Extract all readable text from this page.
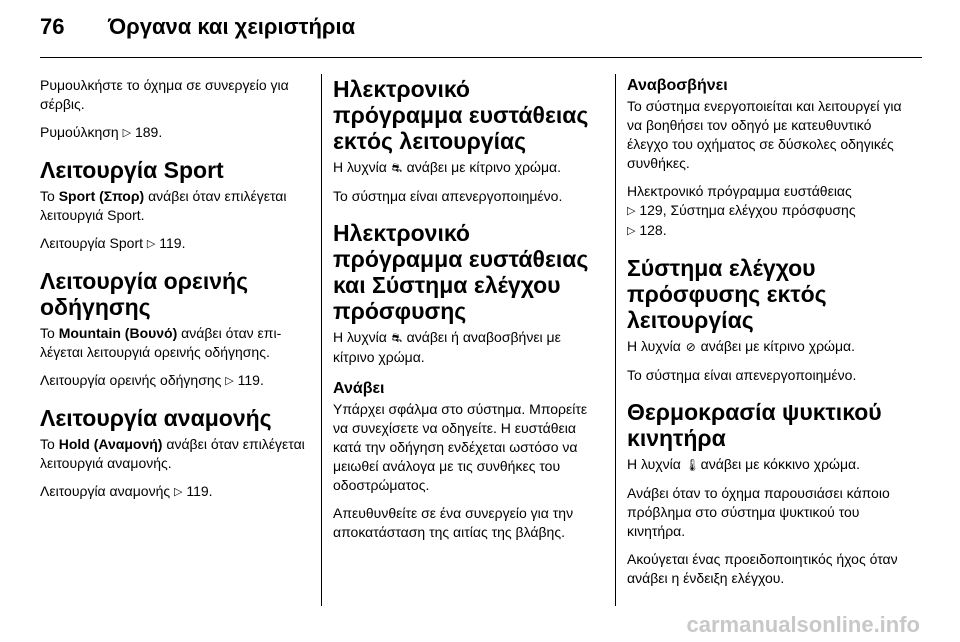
76 Όργανα και χειριστήρια

Ρυμουλκήστε το όχημα σε συνεργείο για σέρβις.

Ρυμούλκηση ▷ 189.

Λειτουργία Sport

Το Sport (Σπορ) ανάβει όταν επιλέγεται λειτουργιά Sport.

Λειτουργία Sport ▷ 119.

Λειτουργία ορεινής οδήγησης

Το Mountain (Βουνό) ανάβει όταν επιλέγεται λειτουργιά ορεινής οδήγησης.

Λειτουργία ορεινής οδήγησης ▷ 119.

Λειτουργία αναμονής

Το Hold (Αναμονή) ανάβει όταν επιλέγεται λειτουργιά αναμονής.

Λειτουργία αναμονής ▷ 119.

Ηλεκτρονικό πρόγραμμα ευστάθειας εκτός λειτουργίας

Η λυχνία ⛐ ανάβει με κίτρινο χρώμα.

Το σύστημα είναι απενεργοποιημένο.

Ηλεκτρονικό πρόγραμμα ευστάθειας και Σύστημα ελέγχου πρόσφυσης

Η λυχνία ⛐ ανάβει ή αναβοσβήνει με κίτρινο χρώμα.

Ανάβει

Υπάρχει σφάλμα στο σύστημα. Μπορείτε να συνεχίσετε να οδηγείτε. Η ευστάθεια κατά την οδήγηση ενδέχεται ωστόσο να μειωθεί ανάλογα με τις συνθήκες του οδοστρώματος.

Απευθυνθείτε σε ένα συνεργείο για την αποκατάσταση της αιτίας της βλάβης.

Αναβοσβήνει

Το σύστημα ενεργοποιείται και λειτουργεί για να βοηθήσει τον οδηγό με κατευθυντικό έλεγχο του οχήματος σε δύσκολες οδηγικές συνθήκες.

Ηλεκτρονικό πρόγραμμα ευστάθειας
▷ 129, Σύστημα ελέγχου πρόσφυσης
▷ 128.

Σύστημα ελέγχου πρόσφυσης εκτός λειτουργίας

Η λυχνία ⊘ ανάβει με κίτρινο χρώμα.

Το σύστημα είναι απενεργοποιημένο.

Θερμοκρασία ψυκτικού κινητήρα

Η λυχνία 🌡 ανάβει με κόκκινο χρώμα.

Ανάβει όταν το όχημα παρουσιάσει κάποιο πρόβλημα στο σύστημα ψυκτικού του κινητήρα.

Ακούγεται ένας προειδοποιητικός ήχος όταν ανάβει η ένδειξη ελέγχου.

carmanualsonline.info
